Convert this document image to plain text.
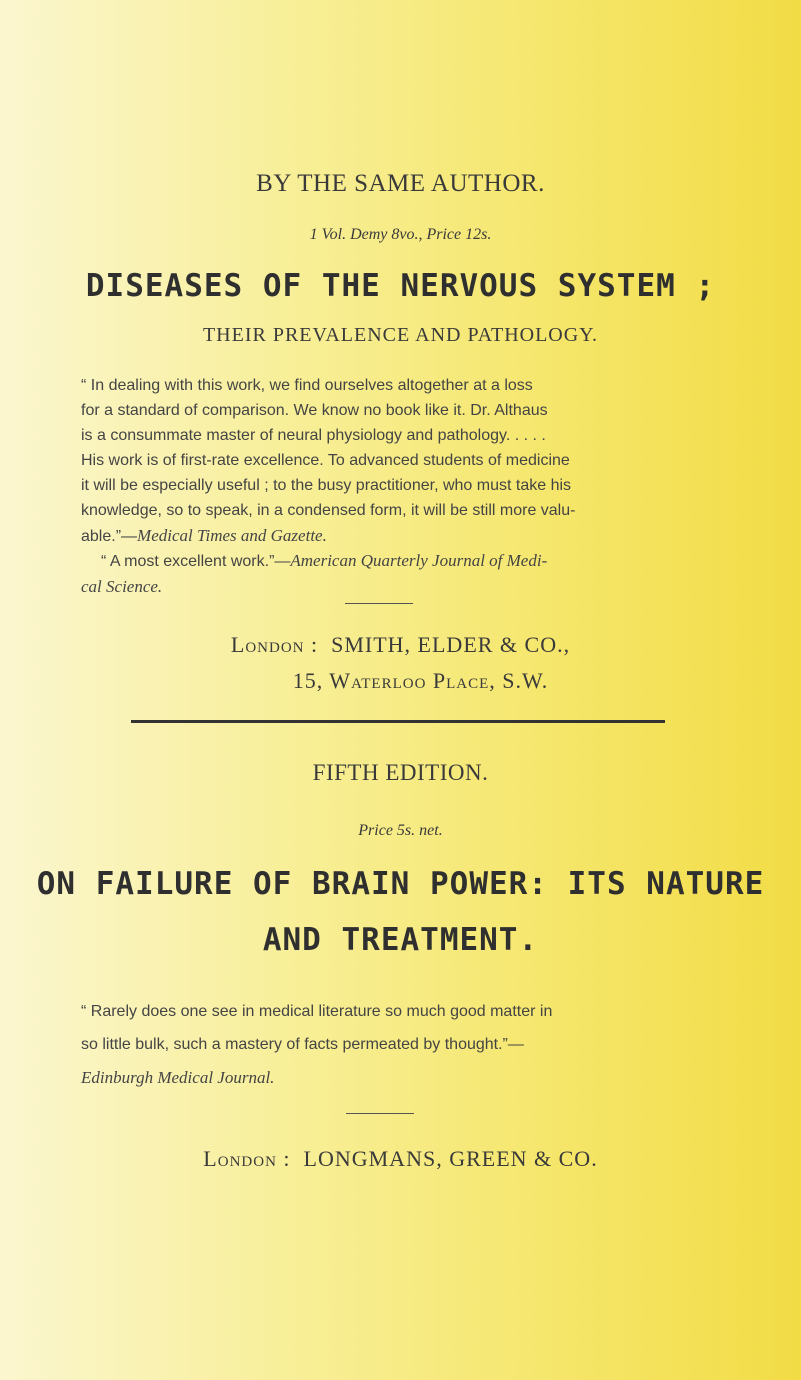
BY THE SAME AUTHOR.
1 Vol. Demy 8vo., Price 12s.
DISEASES OF THE NERVOUS SYSTEM ;
THEIR PREVALENCE AND PATHOLOGY.
“ In dealing with this work, we find ourselves altogether at a loss
for a standard of comparison. We know no book like it. Dr. Althaus
is a consummate master of neural physiology and pathology. . . . .
His work is of first-rate excellence. To advanced students of medicine
it will be especially useful ; to the busy practitioner, who must take his
knowledge, so to speak, in a condensed form, it will be still more valu-
able.”—Medical Times and Gazette.
“ A most excellent work.”—American Quarterly Journal of Medi-
cal Science.
London : SMITH, ELDER & CO.,
15, Waterloo Place, S.W.
FIFTH EDITION.
Price 5s. net.
ON FAILURE OF BRAIN POWER: ITS NATURE
AND TREATMENT.
“ Rarely does one see in medical literature so much good matter in
so little bulk, such a mastery of facts permeated by thought.”—
Edinburgh Medical Journal.
London : LONGMANS, GREEN & CO.
